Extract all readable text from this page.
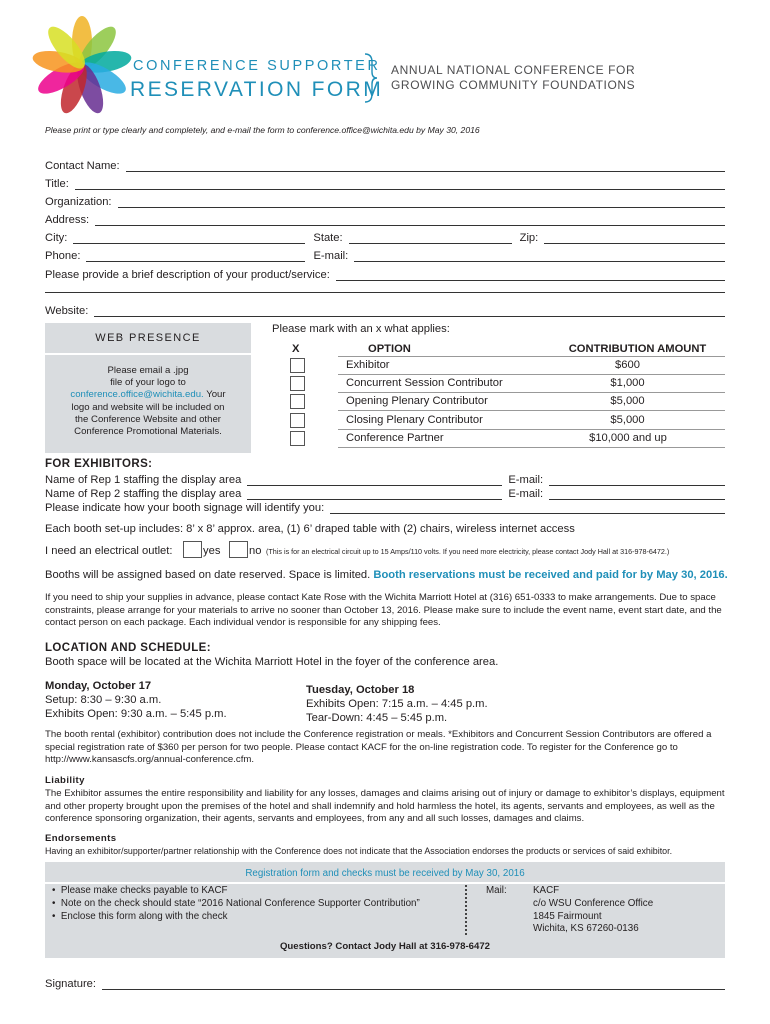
CONFERENCE SUPPORTER
RESERVATION FORM
ANNUAL NATIONAL CONFERENCE FOR
GROWING COMMUNITY FOUNDATIONS
Please print or type clearly and completely, and e-mail the form to conference.office@wichita.edu by May 30, 2016
Contact Name:
Title:
Organization:
Address:
City:	State:	Zip:
Phone:	E-mail:
Please provide a brief description of your product/service:
Website:
WEB PRESENCE
Please email a .jpg
file of your logo to
conference.office@wichita.edu. Your
logo and website will be included on
the Conference Website and other
Conference Promotional Materials.
Please mark with an x what applies:
X	OPTION	CONTRIBUTION AMOUNT
Exhibitor	$600
Concurrent Session Contributor	$1,000
Opening Plenary Contributor	$5,000
Closing Plenary Contributor	$5,000
Conference Partner	$10,000 and up
FOR EXHIBITORS:
Name of Rep 1 staffing the display area	E-mail:
Name of Rep 2 staffing the display area	E-mail:
Please indicate how your booth signage will identify you:
Each booth set-up includes: 8’ x 8’ approx. area, (1) 6’ draped table with (2) chairs, wireless internet access
I need an electrical outlet:	yes	no (This is for an electrical circuit up to 15 Amps/110 volts. If you need more electricity, please contact Jody Hall at 316-978-6472.)
Booths will be assigned based on date reserved. Space is limited. Booth reservations must be received and paid for by May 30, 2016.
If you need to ship your supplies in advance, please contact Kate Rose with the Wichita Marriott Hotel at (316) 651-0333 to make arrangements. Due to space constraints, please arrange for your materials to arrive no sooner than October 13, 2016. Please make sure to include the event name, event start date, and the contact person on each package. Each individual vendor is responsible for any shipping fees.
LOCATION AND SCHEDULE:
Booth space will be located at the Wichita Marriott Hotel in the foyer of the conference area.
Monday, October 17
Setup: 8:30 – 9:30 a.m.
Exhibits Open: 9:30 a.m. – 5:45 p.m.
Tuesday, October 18
Exhibits Open: 7:15 a.m. – 4:45 p.m.
Tear-Down: 4:45 – 5:45 p.m.
The booth rental (exhibitor) contribution does not include the Conference registration or meals. *Exhibitors and Concurrent Session Contributors are offered a special registration rate of $360 per person for two people. Please contact KACF for the on-line registration code. To register for the Conference go to http://www.kansascfs.org/annual-conference.cfm.
Liability
The Exhibitor assumes the entire responsibility and liability for any losses, damages and claims arising out of injury or damage to exhibitor’s displays, equipment and other property brought upon the premises of the hotel and shall indemnify and hold harmless the hotel, its agents, servants and employees, as well as the conference sponsoring organization, their agents, servants and employees, from any and all such losses, damages and claims.
Endorsements
Having an exhibitor/supporter/partner relationship with the Conference does not indicate that the Association endorses the products or services of said exhibitor.
Registration form and checks must be received by May 30, 2016
•  Please make checks payable to KACF
•  Note on the check should state “2016 National Conference Supporter Contribution”
•  Enclose this form along with the check
Mail:	KACF
c/o WSU Conference Office
1845 Fairmount
Wichita, KS 67260-0136
Questions? Contact Jody Hall at 316-978-6472
Signature:
